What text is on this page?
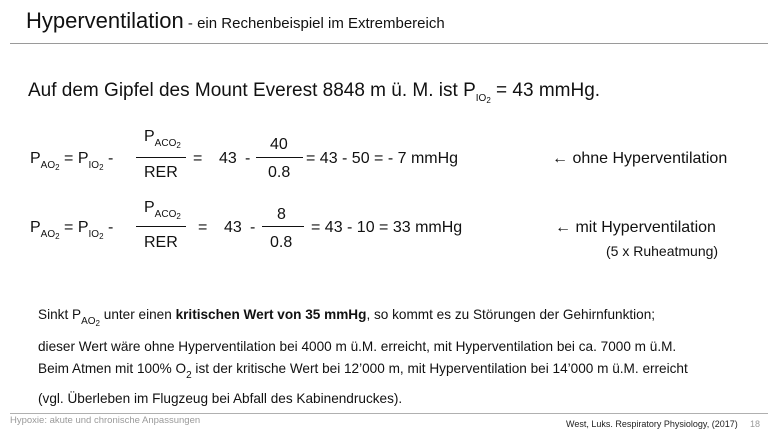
Hyperventilation - ein Rechenbeispiel im Extrembereich
Auf dem Gipfel des Mount Everest 8848 m ü. M. ist $P_{IO_2} = 43$ mmHg.
$P_{AO_2} = P_{IO_2}$ -
$P_{ACO_2}$
RER
= 43 -
40
0.8
= 43 - 50 = - 7 mmHg	← ohne Hyperventilation
$P_{AO_2} = P_{IO_2}$ -
$P_{ACO_2}$
RER
= 43 -
8
0.8
= 43 - 10 = 33 mmHg	← mit Hyperventilation
(5 x Ruheatmung)
Sinkt $P_{AO_2}$ unter einen kritischen Wert von 35 mmHg, so kommt es zu Störungen der Gehirnfunktion;
dieser Wert wäre ohne Hyperventilation bei 4000 m ü.M. erreicht, mit Hyperventilation bei ca. 7000 m ü.M.
Beim Atmen mit 100% $O_2$ ist der kritische Wert bei 12’000 m, mit Hyperventilation bei 14’000 m ü.M. erreicht
(vgl. Überleben im Flugzeug bei Abfall des Kabinendruckes).
Hypoxie: akute und chronische Anpassungen	West, Luks. Respiratory Physiology, (2017) 18
